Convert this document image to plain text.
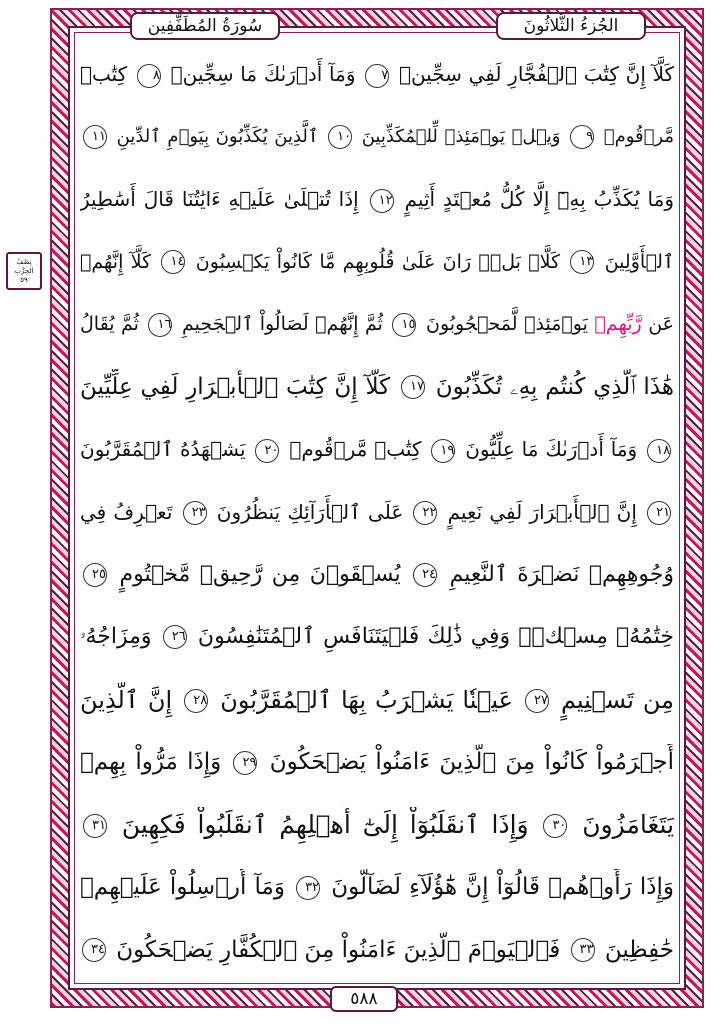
سُورَةُ المُطَفِّفِين	الجُزءُ الثَّلاثُونَ
نِصْفُ
الحِزْبِ
٥٩
كَلَّآ إِنَّ كِتَٰبَ ٱلۡفُجَّارِ لَفِي سِجِّينٖ ٧ وَمَآ أَدۡرَىٰكَ مَا سِجِّينٞ ٨ كِتَٰبٞ
مَّرۡقُومٞ ٩ وَيۡلٞ يَوۡمَئِذٖ لِّلۡمُكَذِّبِينَ ١٠ ٱلَّذِينَ يُكَذِّبُونَ بِيَوۡمِ ٱلدِّينِ ١١
وَمَا يُكَذِّبُ بِهِۦٓ إِلَّا كُلُّ مُعۡتَدٍ أَثِيمٍ ١٢ إِذَا تُتۡلَىٰ عَلَيۡهِ ءَايَٰتُنَا قَالَ أَسَٰطِيرُ
ٱلۡأَوَّلِينَ ١٣ كَلَّاۖ بَلۡۜ رَانَ عَلَىٰ قُلُوبِهِم مَّا كَانُواْ يَكۡسِبُونَ ١٤ كَلَّآ إِنَّهُمۡ
عَن رَّبِّهِمۡ يَوۡمَئِذٖ لَّمَحۡجُوبُونَ ١٥ ثُمَّ إِنَّهُمۡ لَصَالُواْ ٱلۡجَحِيمِ ١٦ ثُمَّ يُقَالُ
هَٰذَا ٱلَّذِي كُنتُم بِهِۦ تُكَذِّبُونَ ١٧ كَلَّآ إِنَّ كِتَٰبَ ٱلۡأَبۡرَارِ لَفِي عِلِّيِّينَ
١٨ وَمَآ أَدۡرَىٰكَ مَا عِلِّيُّونَ ١٩ كِتَٰبٞ مَّرۡقُومٞ ٢٠ يَشۡهَدُهُ ٱلۡمُقَرَّبُونَ
٢١ إِنَّ ٱلۡأَبۡرَارَ لَفِي نَعِيمٍ ٢٢ عَلَى ٱلۡأَرَآئِكِ يَنظُرُونَ ٢٣ تَعۡرِفُ فِي
وُجُوهِهِمۡ نَضۡرَةَ ٱلنَّعِيمِ ٢٤ يُسۡقَوۡنَ مِن رَّحِيقٖ مَّخۡتُومٍ ٢٥
خِتَٰمُهُۥ مِسۡكٞۚ وَفِي ذَٰلِكَ فَلۡيَتَنَافَسِ ٱلۡمُتَنَٰفِسُونَ ٢٦ وَمِزَاجُهُۥ
مِن تَسۡنِيمٍ ٢٧ عَيۡنٗا يَشۡرَبُ بِهَا ٱلۡمُقَرَّبُونَ ٢٨ إِنَّ ٱلَّذِينَ
أَجۡرَمُواْ كَانُواْ مِنَ ٱلَّذِينَ ءَامَنُواْ يَضۡحَكُونَ ٢٩ وَإِذَا مَرُّواْ بِهِمۡ
يَتَغَامَزُونَ ٣٠ وَإِذَا ٱنقَلَبُوٓاْ إِلَىٰٓ أَهۡلِهِمُ ٱنقَلَبُواْ فَكِهِينَ ٣١
وَإِذَا رَأَوۡهُمۡ قَالُوٓاْ إِنَّ هَٰٓؤُلَآءِ لَضَآلُّونَ ٣٢ وَمَآ أُرۡسِلُواْ عَلَيۡهِمۡ
حَٰفِظِينَ ٣٣ فَٱلۡيَوۡمَ ٱلَّذِينَ ءَامَنُواْ مِنَ ٱلۡكُفَّارِ يَضۡحَكُونَ ٣٤
٥٨٨
